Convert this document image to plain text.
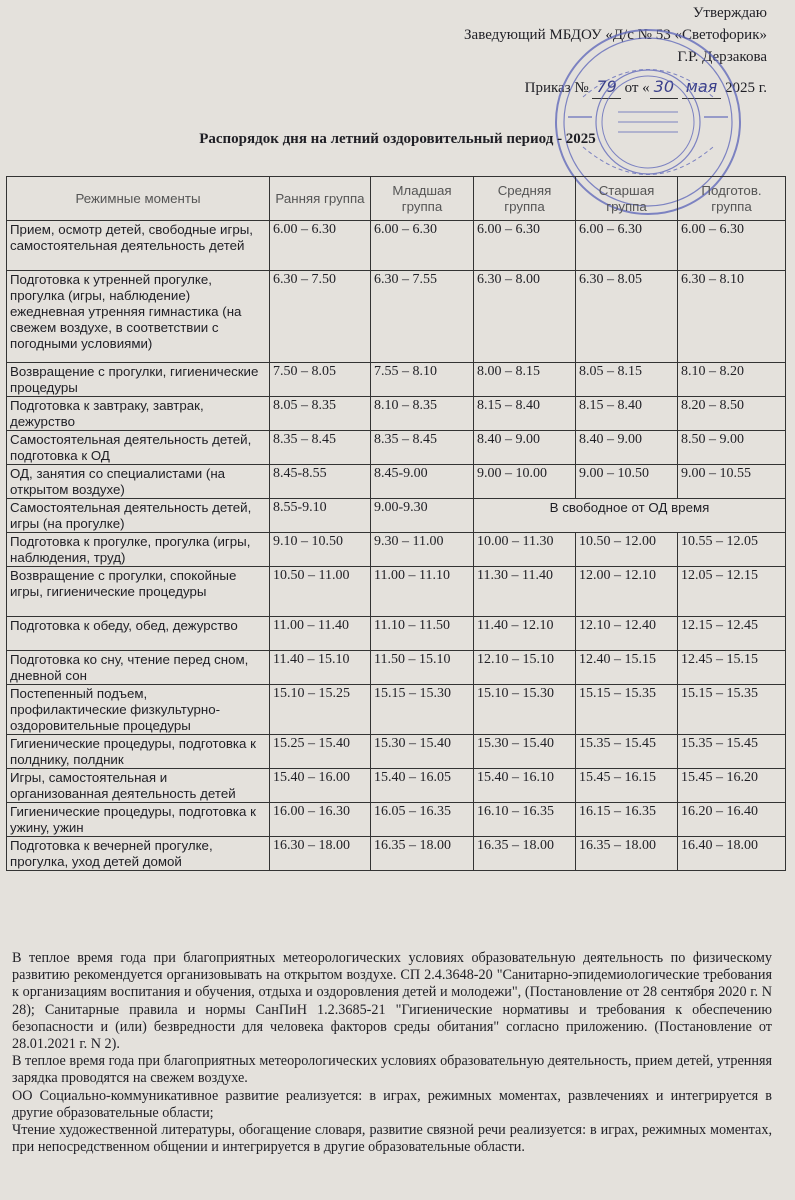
Утверждаю
Заведующий МБДОУ «Д/с № 53 «Светофорик»
Г.Р. Дерзакова
Приказ № 79 от « 30 мая 2025 г.
Распорядок дня на летний оздоровительный период - 2025
Режимные моменты	Ранняя группа	Младшая группа	Средняя группа	Старшая группа	Подготов. группа
Прием, осмотр детей, свободные игры, самостоятельная деятельность детей	6.00 – 6.30	6.00 – 6.30	6.00 – 6.30	6.00 – 6.30	6.00 – 6.30
Подготовка к утренней прогулке, прогулка (игры, наблюдение) ежедневная утренняя гимнастика (на свежем воздухе, в соответствии с погодными условиями)	6.30 – 7.50	6.30 – 7.55	6.30 – 8.00	6.30 – 8.05	6.30 – 8.10
Возвращение с прогулки, гигиенические процедуры	7.50 – 8.05	7.55 – 8.10	8.00 – 8.15	8.05 – 8.15	8.10 – 8.20
Подготовка к завтраку, завтрак, дежурство	8.05 – 8.35	8.10 – 8.35	8.15 – 8.40	8.15 – 8.40	8.20 – 8.50
Самостоятельная деятельность детей, подготовка к ОД	8.35 – 8.45	8.35 – 8.45	8.40 – 9.00	8.40 – 9.00	8.50 – 9.00
ОД, занятия со специалистами (на открытом воздухе)	8.45-8.55	8.45-9.00	9.00 – 10.00	9.00 – 10.50	9.00 – 10.55
Самостоятельная деятельность детей, игры (на прогулке)	8.55-9.10	9.00-9.30	В свободное от ОД время		
Подготовка к прогулке, прогулка (игры, наблюдения, труд)	9.10 – 10.50	9.30 – 11.00	10.00 – 11.30	10.50 – 12.00	10.55 – 12.05
Возвращение с прогулки, спокойные игры, гигиенические процедуры	10.50 – 11.00	11.00 – 11.10	11.30 – 11.40	12.00 – 12.10	12.05 – 12.15
Подготовка к обеду, обед, дежурство	11.00 – 11.40	11.10 – 11.50	11.40 – 12.10	12.10 – 12.40	12.15 – 12.45
Подготовка ко сну, чтение перед сном, дневной сон	11.40 – 15.10	11.50 – 15.10	12.10 – 15.10	12.40 – 15.15	12.45 – 15.15
Постепенный подъем, профилактические физкультурно-оздоровительные процедуры	15.10 – 15.25	15.15 – 15.30	15.10 – 15.30	15.15 – 15.35	15.15 – 15.35
Гигиенические процедуры, подготовка к полднику, полдник	15.25 – 15.40	15.30 – 15.40	15.30 – 15.40	15.35 – 15.45	15.35 – 15.45
Игры, самостоятельная и организованная деятельность детей	15.40 – 16.00	15.40 – 16.05	15.40 – 16.10	15.45 – 16.15	15.45 – 16.20
Гигиенические процедуры, подготовка к ужину, ужин	16.00 – 16.30	16.05 – 16.35	16.10 – 16.35	16.15 – 16.35	16.20 – 16.40
Подготовка к вечерней прогулке, прогулка, уход детей домой	16.30 – 18.00	16.35 – 18.00	16.35 – 18.00	16.35 – 18.00	16.40 – 18.00

В теплое время года при благоприятных метеорологических условиях образовательную деятельность по физическому развитию рекомендуется организовывать на открытом воздухе. СП 2.4.3648-20 "Санитарно-эпидемиологические требования к организациям воспитания и обучения, отдыха и оздоровления детей и молодежи", (Постановление от 28 сентября 2020 г. N 28); Санитарные правила и нормы СанПиН 1.2.3685-21 "Гигиенические нормативы и требования к обеспечению безопасности и (или) безвредности для человека факторов среды обитания" согласно приложению. (Постановление от 28.01.2021 г. N 2).

В теплое время года при благоприятных метеорологических условиях образовательную деятельность, прием детей, утренняя зарядка проводятся на свежем воздухе.

ОО Социально-коммуникативное развитие реализуется: в играх, режимных моментах, развлечениях и интегрируется в другие образовательные области;

Чтение художественной литературы, обогащение словаря, развитие связной речи реализуется: в играх, режимных моментах, при непосредственном общении и интегрируется в другие образовательные области.
